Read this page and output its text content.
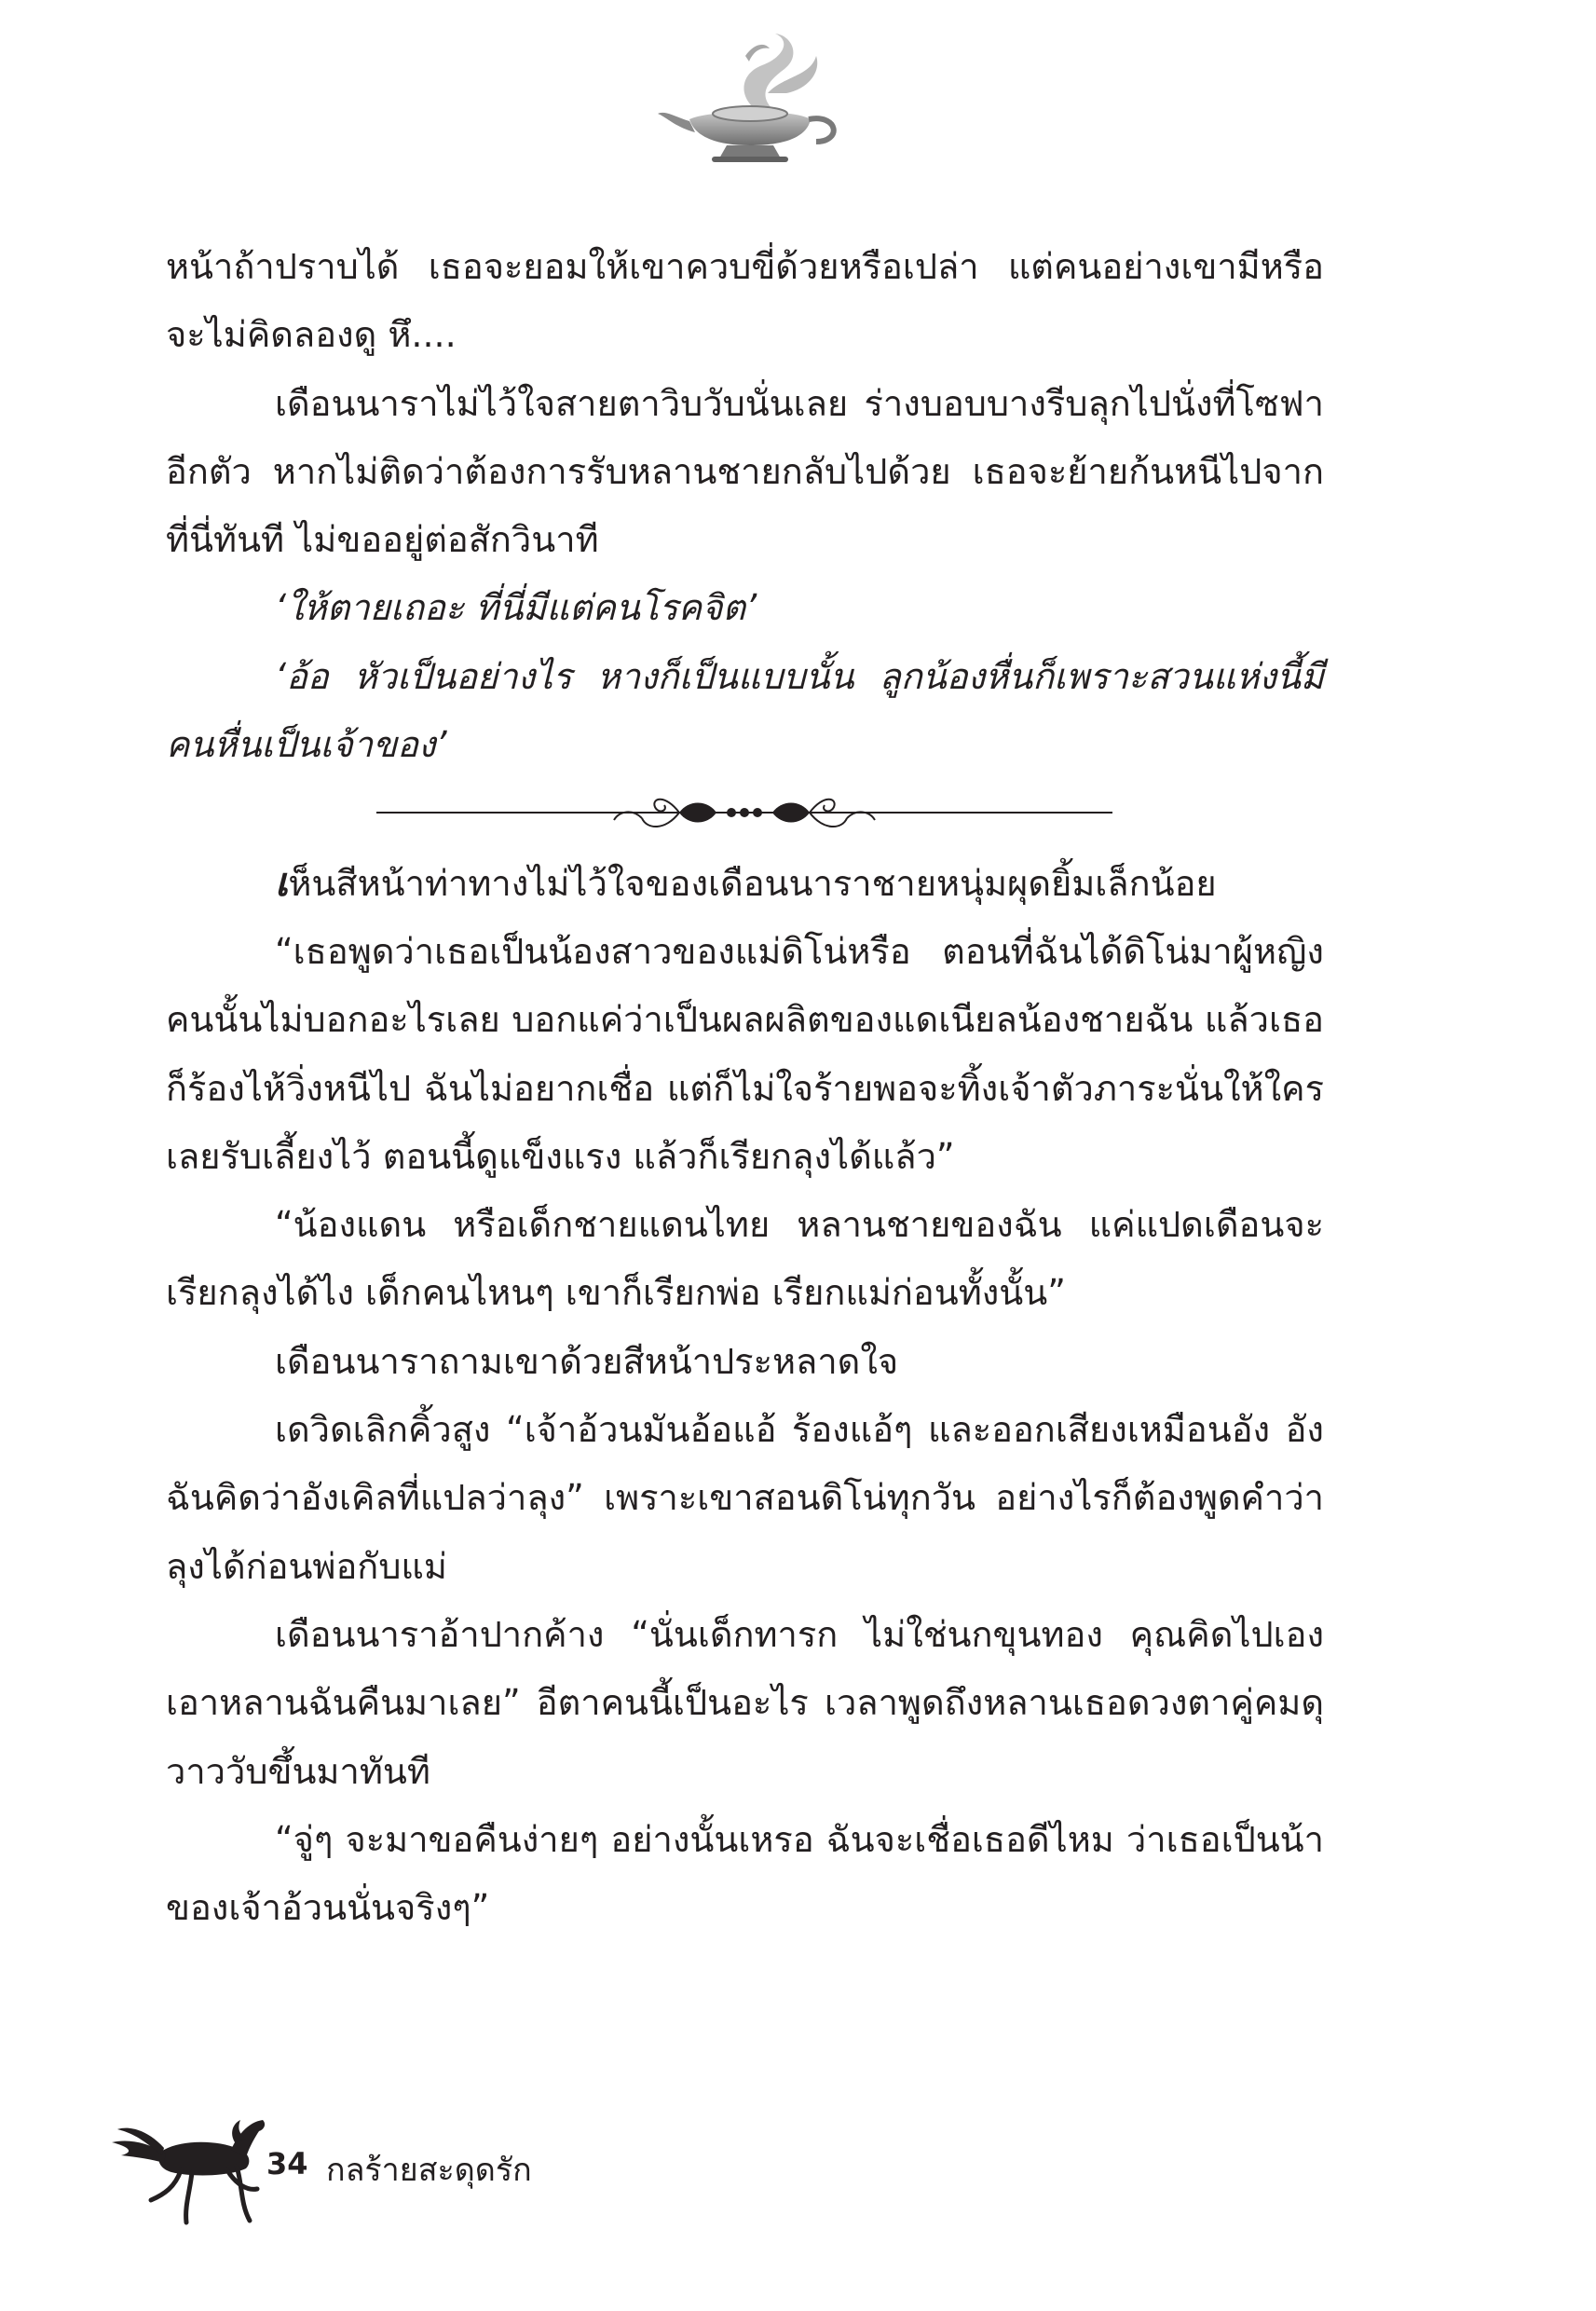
หน้าถ้าปราบได้ เธอจะยอมให้เขาควบขี่ด้วยหรือเปล่า แต่คนอย่างเขามีหรือจะไม่คิดลองดู หึ....

เดือนนาราไม่ไว้ใจสายตาวิบวับนั่นเลย ร่างบอบบางรีบลุกไปนั่งที่โซฟาอีกตัว หากไม่ติดว่าต้องการรับหลานชายกลับไปด้วย เธอจะย้ายก้นหนีไปจากที่นี่ทันที ไม่ขออยู่ต่อสักวินาที

‘ให้ตายเถอะ ที่นี่มีแต่คนโรคจิต’

‘อ้อ หัวเป็นอย่างไร หางก็เป็นแบบนั้น ลูกน้องหื่นก็เพราะสวนแห่งนี้มีคนหื่นเป็นเจ้าของ’

เห็นสีหน้าท่าทางไม่ไว้ใจของเดือนนาราชายหนุ่มผุดยิ้มเล็กน้อย

“เธอพูดว่าเธอเป็นน้องสาวของแม่ดิโน่หรือ ตอนที่ฉันได้ดิโน่มาผู้หญิงคนนั้นไม่บอกอะไรเลย บอกแค่ว่าเป็นผลผลิตของแดเนียลน้องชายฉัน แล้วเธอก็ร้องไห้วิ่งหนีไป ฉันไม่อยากเชื่อ แต่ก็ไม่ใจร้ายพอจะทิ้งเจ้าตัวภาระนั่นให้ใคร เลยรับเลี้ยงไว้ ตอนนี้ดูแข็งแรง แล้วก็เรียกลุงได้แล้ว”

“น้องแดน หรือเด็กชายแดนไทย หลานชายของฉัน แค่แปดเดือนจะเรียกลุงได้ไง เด็กคนไหนๆ เขาก็เรียกพ่อ เรียกแม่ก่อนทั้งนั้น”

เดือนนาราถามเขาด้วยสีหน้าประหลาดใจ

เดวิดเลิกคิ้วสูง “เจ้าอ้วนมันอ้อแอ้ ร้องแอ้ๆ และออกเสียงเหมือนอัง อัง ฉันคิดว่าอังเคิลที่แปลว่าลุง” เพราะเขาสอนดิโน่ทุกวัน อย่างไรก็ต้องพูดคำว่าลุงได้ก่อนพ่อกับแม่

เดือนนาราอ้าปากค้าง “นั่นเด็กทารก ไม่ใช่นกขุนทอง คุณคิดไปเอง เอาหลานฉันคืนมาเลย” อีตาคนนี้เป็นอะไร เวลาพูดถึงหลานเธอดวงตาคู่คมดุวาววับขึ้นมาทันที

“จู่ๆ จะมาขอคืนง่ายๆ อย่างนั้นเหรอ ฉันจะเชื่อเธอดีไหม ว่าเธอเป็นน้าของเจ้าอ้วนนั่นจริงๆ”

34 กลร้ายสะดุดรัก
